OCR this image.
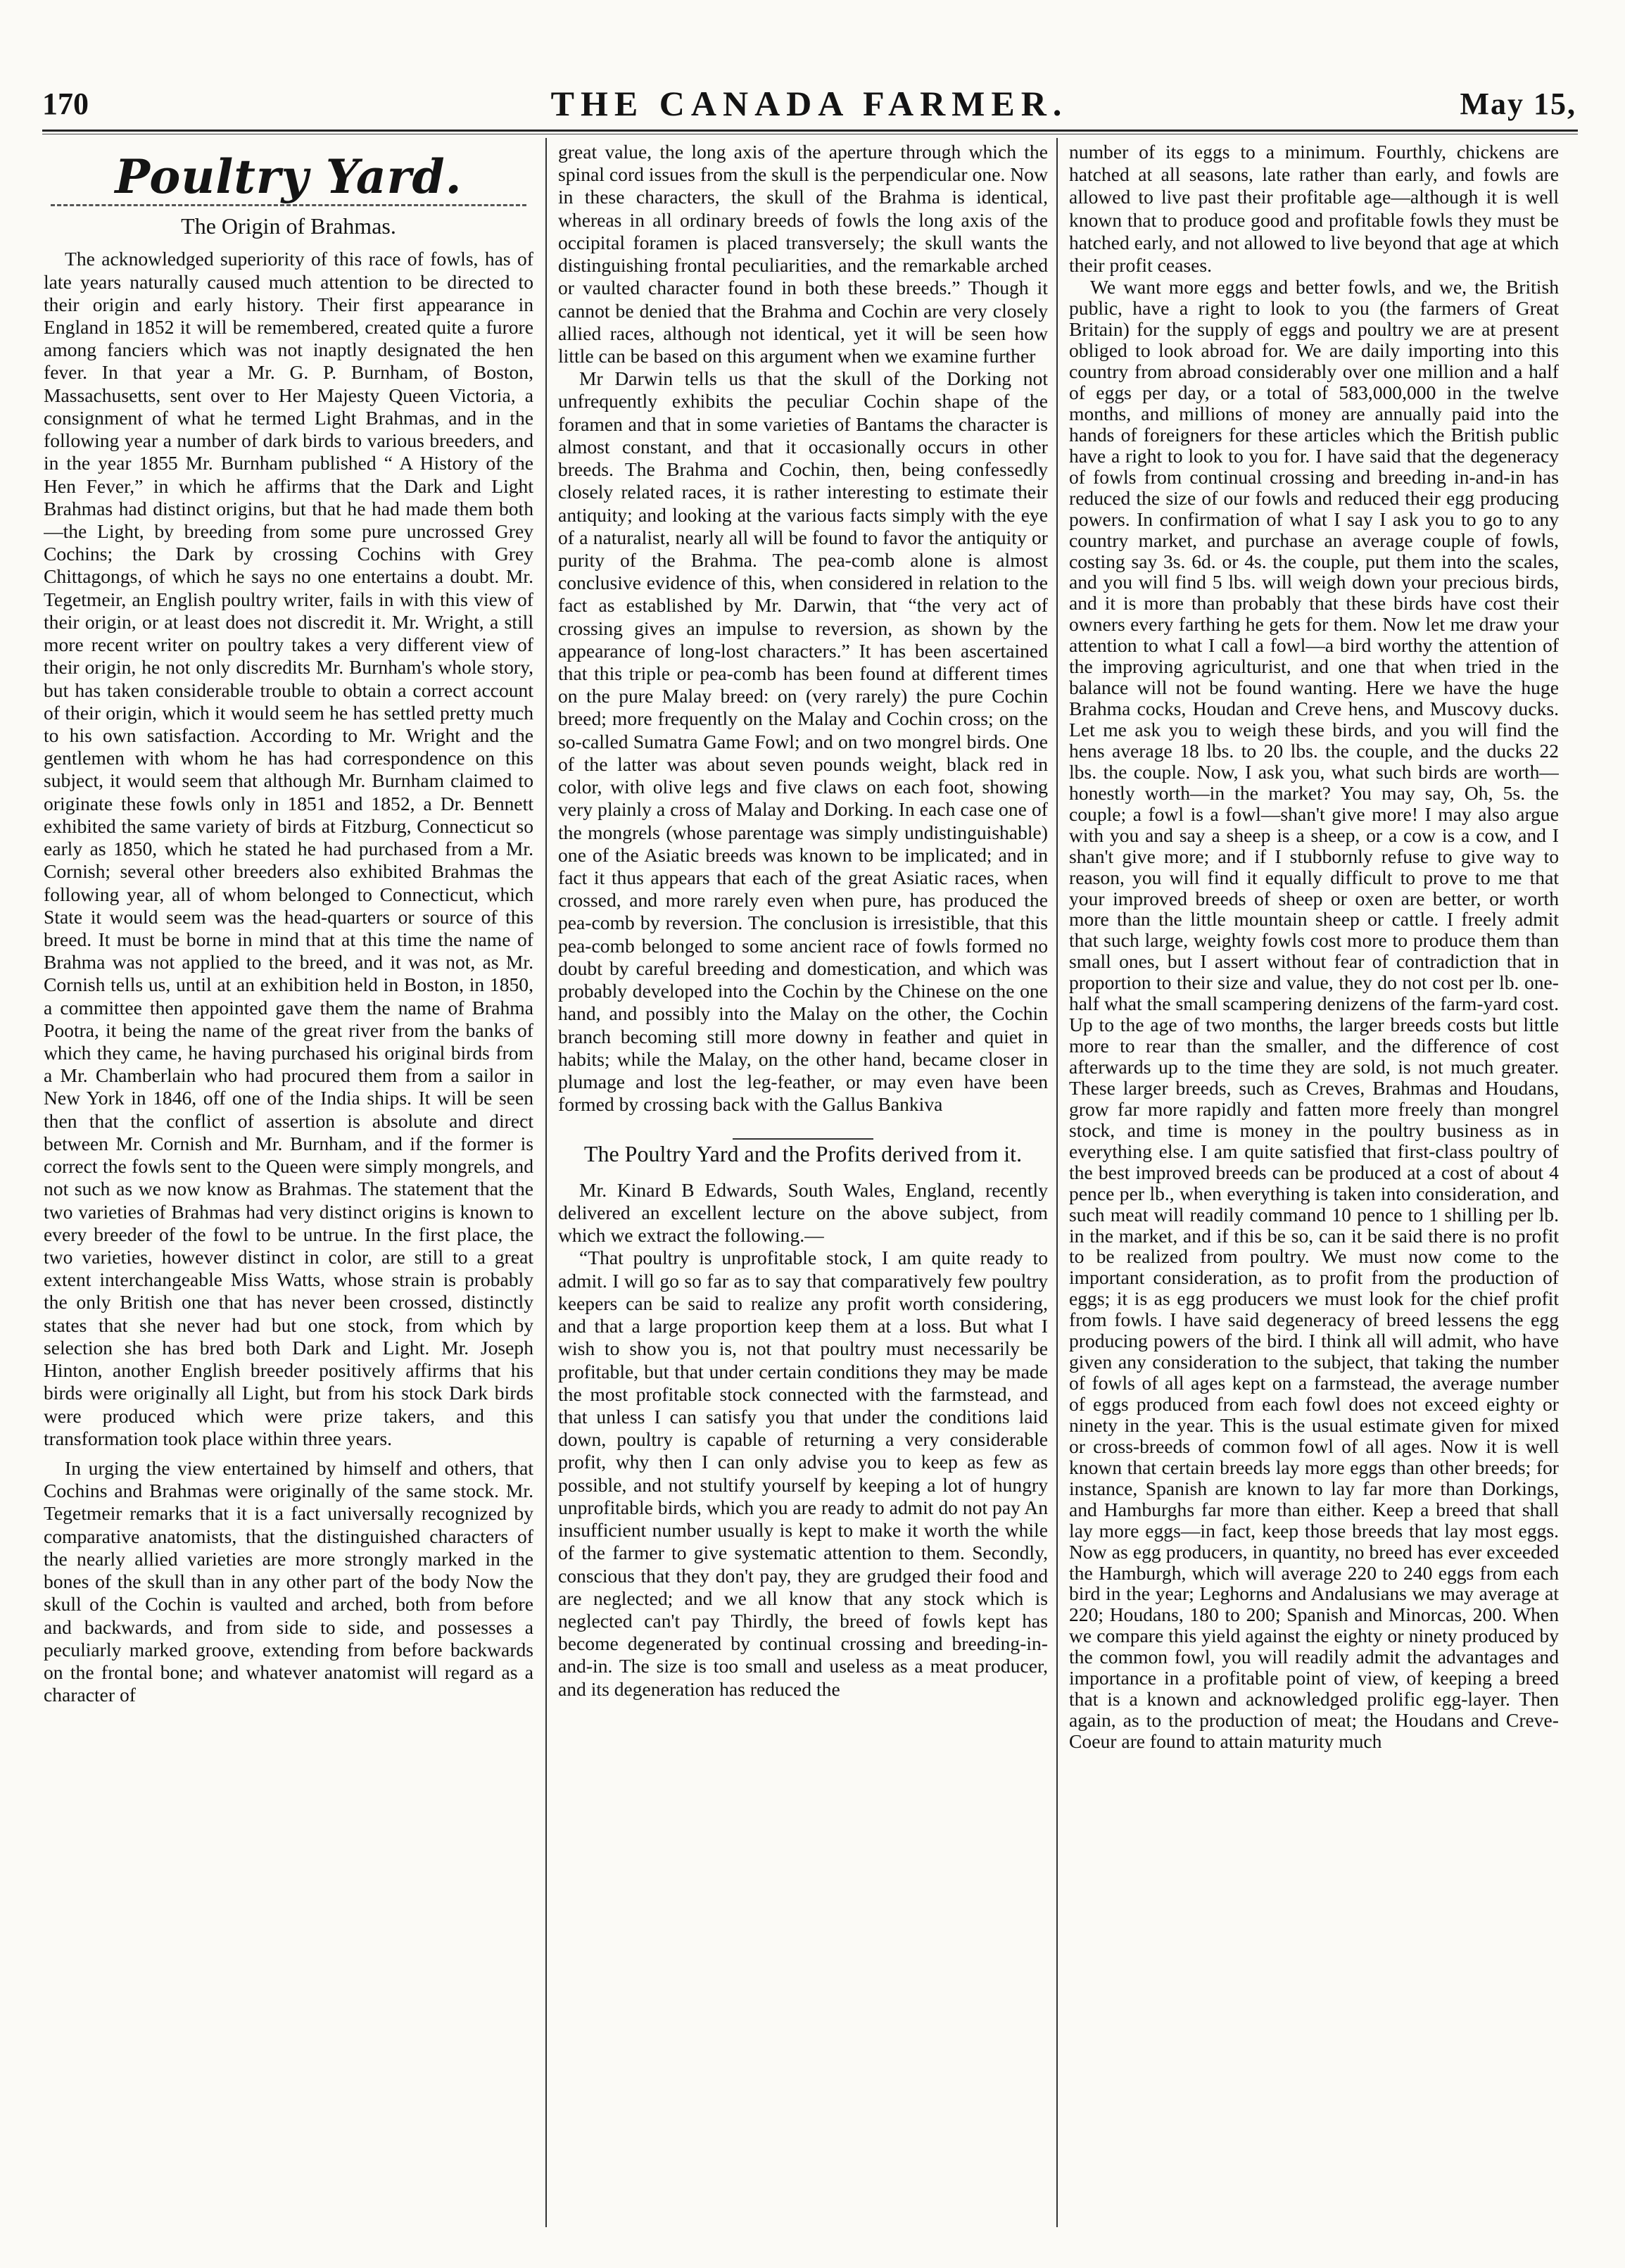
170	THE CANADA FARMER.	May 15,
Poultry Yard.
The Origin of Brahmas.

The acknowledged superiority of this race of fowls, has of late years naturally caused much attention to be directed to their origin and early history. Their first appearance in England in 1852 it will be remembered, created quite a furore among fanciers which was not inaptly designated the hen fever. In that year a Mr. G. P. Burnham, of Boston, Massachusetts, sent over to Her Majesty Queen Victoria, a consignment of what he termed Light Brahmas, and in the following year a number of dark birds to various breeders, and in the year 1855 Mr. Burnham published “ A History of the Hen Fever,” in which he affirms that the Dark and Light Brahmas had distinct origins, but that he had made them both—the Light, by breeding from some pure uncrossed Grey Cochins; the Dark by crossing Cochins with Grey Chittagongs, of which he says no one entertains a doubt. Mr. Tegetmeir, an English poultry writer, fails in with this view of their origin, or at least does not discredit it. Mr. Wright, a still more recent writer on poultry takes a very different view of their origin, he not only discredits Mr. Burnham's whole story, but has taken considerable trouble to obtain a correct account of their origin, which it would seem he has settled pretty much to his own satisfaction. According to Mr. Wright and the gentlemen with whom he has had correspondence on this subject, it would seem that although Mr. Burnham claimed to originate these fowls only in 1851 and 1852, a Dr. Bennett exhibited the same variety of birds at Fitzburg, Connecticut so early as 1850, which he stated he had purchased from a Mr. Cornish; several other breeders also exhibited Brahmas the following year, all of whom belonged to Connecticut, which State it would seem was the head-quarters or source of this breed. It must be borne in mind that at this time the name of Brahma was not applied to the breed, and it was not, as Mr. Cornish tells us, until at an exhibition held in Boston, in 1850, a committee then appointed gave them the name of Brahma Pootra, it being the name of the great river from the banks of which they came, he having purchased his original birds from a Mr. Chamberlain who had procured them from a sailor in New York in 1846, off one of the India ships. It will be seen then that the conflict of assertion is absolute and direct between Mr. Cornish and Mr. Burnham, and if the former is correct the fowls sent to the Queen were simply mongrels, and not such as we now know as Brahmas. The statement that the two varieties of Brahmas had very distinct origins is known to every breeder of the fowl to be untrue. In the first place, the two varieties, however distinct in color, are still to a great extent interchangeable Miss Watts, whose strain is probably the only British one that has never been crossed, distinctly states that she never had but one stock, from which by selection she has bred both Dark and Light. Mr. Joseph Hinton, another English breeder positively affirms that his birds were originally all Light, but from his stock Dark birds were produced which were prize takers, and this transformation took place within three years.

In urging the view entertained by himself and others, that Cochins and Brahmas were originally of the same stock. Mr. Tegetmeir remarks that it is a fact universally recognized by comparative anatomists, that the distinguished characters of the nearly allied varieties are more strongly marked in the bones of the skull than in any other part of the body Now the skull of the Cochin is vaulted and arched, both from before and backwards, and from side to side, and possesses a peculiarly marked groove, extending from before backwards on the frontal bone; and whatever anatomist will regard as a character of

great value, the long axis of the aperture through which the spinal cord issues from the skull is the perpendicular one. Now in these characters, the skull of the Brahma is identical, whereas in all ordinary breeds of fowls the long axis of the occipital foramen is placed transversely; the skull wants the distinguishing frontal peculiarities, and the remarkable arched or vaulted character found in both these breeds.” Though it cannot be denied that the Brahma and Cochin are very closely allied races, although not identical, yet it will be seen how little can be based on this argument when we examine further

Mr Darwin tells us that the skull of the Dorking not unfrequently exhibits the peculiar Cochin shape of the foramen and that in some varieties of Bantams the character is almost constant, and that it occasionally occurs in other breeds. The Brahma and Cochin, then, being confessedly closely related races, it is rather interesting to estimate their antiquity; and looking at the various facts simply with the eye of a naturalist, nearly all will be found to favor the antiquity or purity of the Brahma. The pea-comb alone is almost conclusive evidence of this, when considered in relation to the fact as established by Mr. Darwin, that “the very act of crossing gives an impulse to reversion, as shown by the appearance of long-lost characters.” It has been ascertained that this triple or pea-comb has been found at different times on the pure Malay breed: on (very rarely) the pure Cochin breed; more frequently on the Malay and Cochin cross; on the so-called Sumatra Game Fowl; and on two mongrel birds. One of the latter was about seven pounds weight, black red in color, with olive legs and five claws on each foot, showing very plainly a cross of Malay and Dorking. In each case one of the mongrels (whose parentage was simply undistinguishable) one of the Asiatic breeds was known to be implicated; and in fact it thus appears that each of the great Asiatic races, when crossed, and more rarely even when pure, has produced the pea-comb by reversion. The conclusion is irresistible, that this pea-comb belonged to some ancient race of fowls formed no doubt by careful breeding and domestication, and which was probably developed into the Cochin by the Chinese on the one hand, and possibly into the Malay on the other, the Cochin branch becoming still more downy in feather and quiet in habits; while the Malay, on the other hand, became closer in plumage and lost the leg-feather, or may even have been formed by crossing back with the Gallus Bankiva

The Poultry Yard and the Profits derived from it.

Mr. Kinard B Edwards, South Wales, England, recently delivered an excellent lecture on the above subject, from which we extract the following.—

“That poultry is unprofitable stock, I am quite ready to admit. I will go so far as to say that comparatively few poultry keepers can be said to realize any profit worth considering, and that a large proportion keep them at a loss. But what I wish to show you is, not that poultry must necessarily be profitable, but that under certain conditions they may be made the most profitable stock connected with the farmstead, and that unless I can satisfy you that under the conditions laid down, poultry is capable of returning a very considerable profit, why then I can only advise you to keep as few as possible, and not stultify yourself by keeping a lot of hungry unprofitable birds, which you are ready to admit do not pay An insufficient number usually is kept to make it worth the while of the farmer to give systematic attention to them. Secondly, conscious that they don't pay, they are grudged their food and are neglected; and we all know that any stock which is neglected can't pay Thirdly, the breed of fowls kept has become degenerated by continual crossing and breeding-in-and-in. The size is too small and useless as a meat producer, and its degeneration has reduced the

number of its eggs to a minimum. Fourthly, chickens are hatched at all seasons, late rather than early, and fowls are allowed to live past their profitable age—although it is well known that to produce good and profitable fowls they must be hatched early, and not allowed to live beyond that age at which their profit ceases.

We want more eggs and better fowls, and we, the British public, have a right to look to you (the farmers of Great Britain) for the supply of eggs and poultry we are at present obliged to look abroad for. We are daily importing into this country from abroad considerably over one million and a half of eggs per day, or a total of 583,000,000 in the twelve months, and millions of money are annually paid into the hands of foreigners for these articles which the British public have a right to look to you for. I have said that the degeneracy of fowls from continual crossing and breeding in-and-in has reduced the size of our fowls and reduced their egg producing powers. In confirmation of what I say I ask you to go to any country market, and purchase an average couple of fowls, costing say 3s. 6d. or 4s. the couple, put them into the scales, and you will find 5 lbs. will weigh down your precious birds, and it is more than probably that these birds have cost their owners every farthing he gets for them. Now let me draw your attention to what I call a fowl—a bird worthy the attention of the improving agriculturist, and one that when tried in the balance will not be found wanting. Here we have the huge Brahma cocks, Houdan and Creve hens, and Muscovy ducks. Let me ask you to weigh these birds, and you will find the hens average 18 lbs. to 20 lbs. the couple, and the ducks 22 lbs. the couple. Now, I ask you, what such birds are worth—honestly worth—in the market? You may say, Oh, 5s. the couple; a fowl is a fowl—shan't give more! I may also argue with you and say a sheep is a sheep, or a cow is a cow, and I shan't give more; and if I stubbornly refuse to give way to reason, you will find it equally difficult to prove to me that your improved breeds of sheep or oxen are better, or worth more than the little mountain sheep or cattle. I freely admit that such large, weighty fowls cost more to produce them than small ones, but I assert without fear of contradiction that in proportion to their size and value, they do not cost per lb. one-half what the small scampering denizens of the farm-yard cost. Up to the age of two months, the larger breeds costs but little more to rear than the smaller, and the difference of cost afterwards up to the time they are sold, is not much greater. These larger breeds, such as Creves, Brahmas and Houdans, grow far more rapidly and fatten more freely than mongrel stock, and time is money in the poultry business as in everything else. I am quite satisfied that first-class poultry of the best improved breeds can be produced at a cost of about 4 pence per lb., when everything is taken into consideration, and such meat will readily command 10 pence to 1 shilling per lb. in the market, and if this be so, can it be said there is no profit to be realized from poultry. We must now come to the important consideration, as to profit from the production of eggs; it is as egg producers we must look for the chief profit from fowls. I have said degeneracy of breed lessens the egg producing powers of the bird. I think all will admit, who have given any consideration to the subject, that taking the number of fowls of all ages kept on a farmstead, the average number of eggs produced from each fowl does not exceed eighty or ninety in the year. This is the usual estimate given for mixed or cross-breeds of common fowl of all ages. Now it is well known that certain breeds lay more eggs than other breeds; for instance, Spanish are known to lay far more than Dorkings, and Hamburghs far more than either. Keep a breed that shall lay more eggs—in fact, keep those breeds that lay most eggs. Now as egg producers, in quantity, no breed has ever exceeded the Hamburgh, which will average 220 to 240 eggs from each bird in the year; Leghorns and Andalusians we may average at 220; Houdans, 180 to 200; Spanish and Minorcas, 200. When we compare this yield against the eighty or ninety produced by the common fowl, you will readily admit the advantages and importance in a profitable point of view, of keeping a breed that is a known and acknowledged prolific egg-layer. Then again, as to the production of meat; the Houdans and Creve-Coeur are found to attain maturity much
